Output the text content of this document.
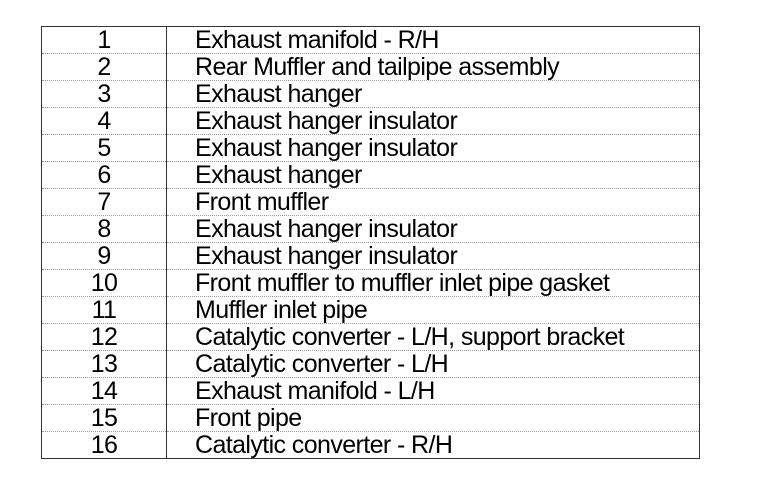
1	Exhaust manifold - R/H
2	Rear Muffler and tailpipe assembly
3	Exhaust hanger
4	Exhaust hanger insulator
5	Exhaust hanger insulator
6	Exhaust hanger
7	Front muffler
8	Exhaust hanger insulator
9	Exhaust hanger insulator
10	Front muffler to muffler inlet pipe gasket
11	Muffler inlet pipe
12	Catalytic converter - L/H, support bracket
13	Catalytic converter - L/H
14	Exhaust manifold - L/H
15	Front pipe
16	Catalytic converter - R/H
